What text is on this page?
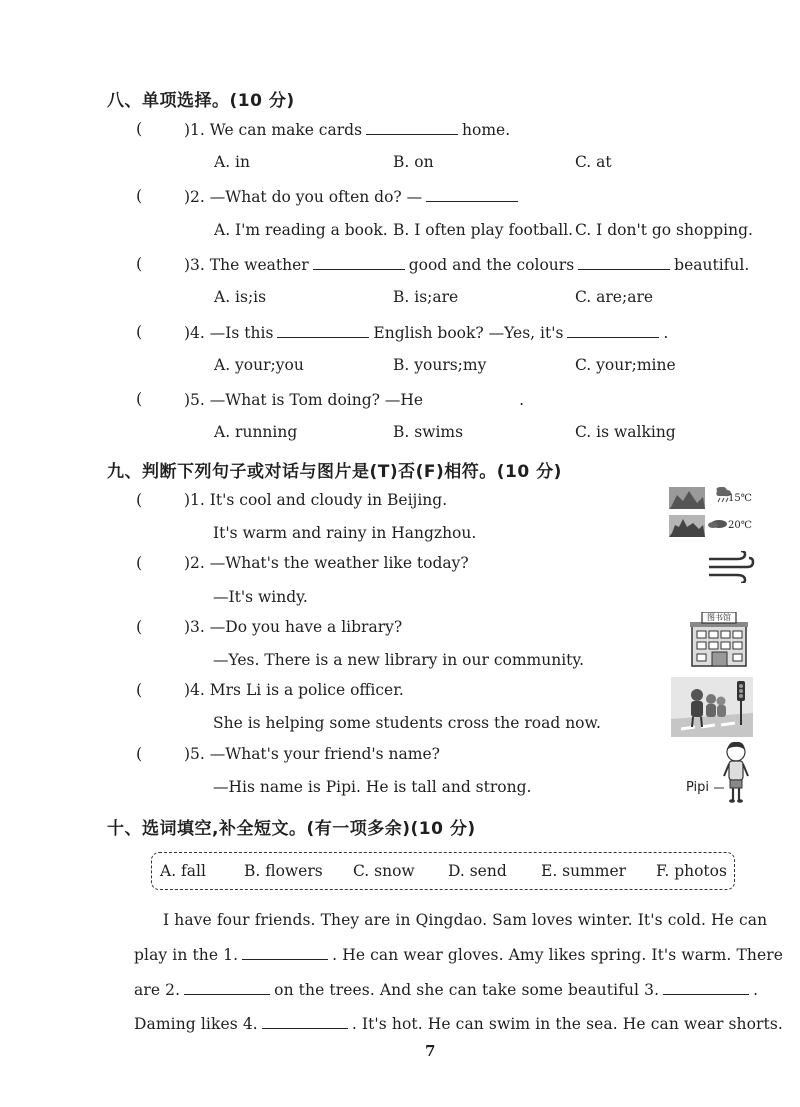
八、单项选择。(10 分)
(	)1. We can make cards	home.
A. in	B. on	C. at
(	)2. —What do you often do? —
A. I'm reading a book. B. I often play football. C. I don't go shopping.
(	)3. The weather	good and the colours	beautiful.
A. is;is	B. is;are	C. are;are
(	)4. —Is this	English book? —Yes, it's	.
A. your;you	B. yours;my	C. your;mine
(	)5. —What is Tom doing? —He	.
A. running	B. swims	C. is walking
九、判断下列句子或对话与图片是(T)否(F)相符。(10 分)
(	)1. It's cool and cloudy in Beijing.
It's warm and rainy in Hangzhou.
(	)2. —What's the weather like today?
—It's windy.
(	)3. —Do you have a library?
—Yes. There is a new library in our community.
(	)4. Mrs Li is a police officer.
She is helping some students cross the road now.
(	)5. —What's your friend's name?
—His name is Pipi. He is tall and strong.
15℃
20℃
图书馆
Pipi
十、选词填空,补全短文。(有一项多余)(10 分)
A. fall B. flowers C. snow D. send E. summer F. photos
I have four friends. They are in Qingdao. Sam loves winter. It's cold. He can
play in the 1.	. He can wear gloves. Amy likes spring. It's warm. There
are 2.	on the trees. And she can take some beautiful 3.	.
Daming likes 4.	. It's hot. He can swim in the sea. He can wear shorts.
7
